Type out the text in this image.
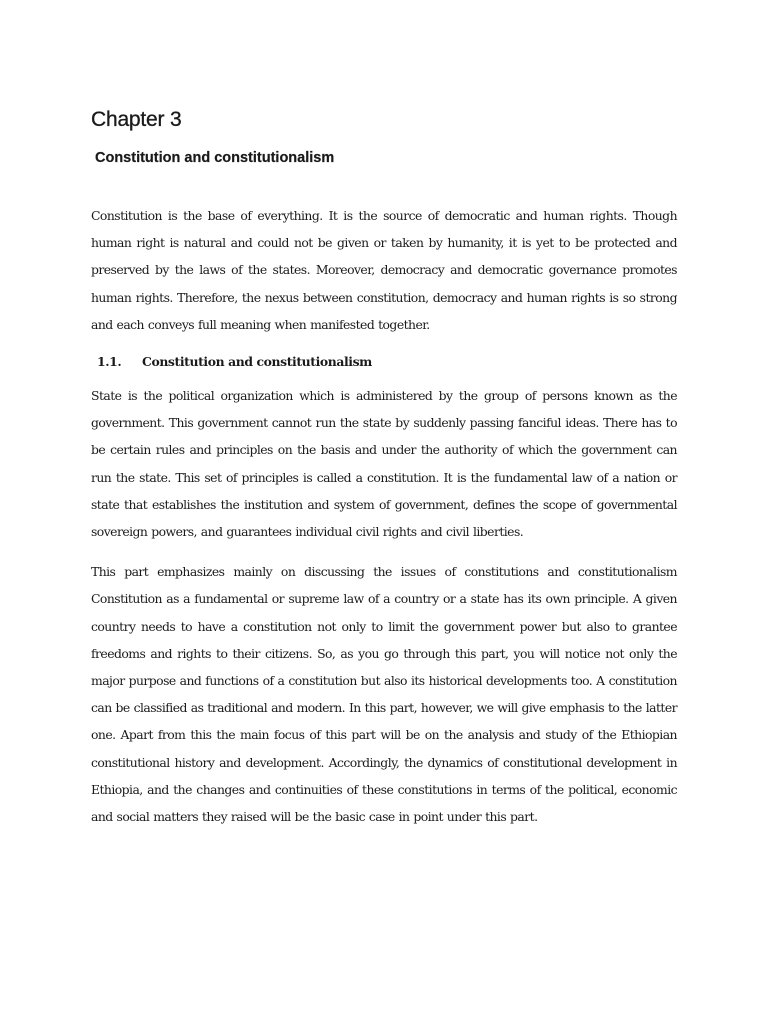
Chapter 3
Constitution and constitutionalism

Constitution is the base of everything. It is the source of democratic and human rights. Though human right is natural and could not be given or taken by humanity, it is yet to be protected and preserved by the laws of the states. Moreover, democracy and democratic governance promotes human rights. Therefore, the nexus between constitution, democracy and human rights is so strong and each conveys full meaning when manifested together.

1.1.	Constitution and constitutionalism

State is the political organization which is administered by the group of persons known as the government. This government cannot run the state by suddenly passing fanciful ideas. There has to be certain rules and principles on the basis and under the authority of which the government can run the state. This set of principles is called a constitution. It is the fundamental law of a nation or state that establishes the institution and system of government, defines the scope of governmental sovereign powers, and guarantees individual civil rights and civil liberties.

This part emphasizes mainly on discussing the issues of constitutions and constitutionalism Constitution as a fundamental or supreme law of a country or a state has its own principle. A given country needs to have a constitution not only to limit the government power but also to grantee freedoms and rights to their citizens. So, as you go through this part, you will notice not only the major purpose and functions of a constitution but also its historical developments too. A constitution can be classified as traditional and modern. In this part, however, we will give emphasis to the latter one. Apart from this the main focus of this part will be on the analysis and study of the Ethiopian constitutional history and development. Accordingly, the dynamics of constitutional development in Ethiopia, and the changes and continuities of these constitutions in terms of the political, economic and social matters they raised will be the basic case in point under this part.
